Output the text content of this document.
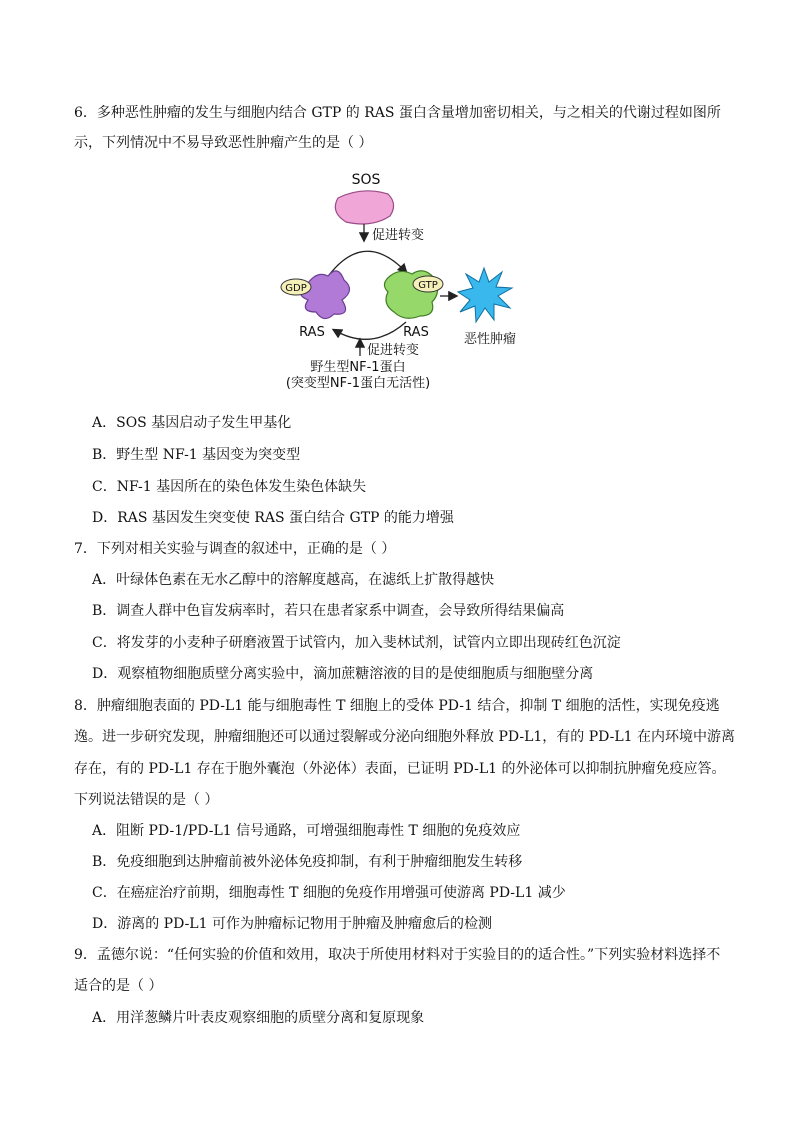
6．多种恶性肿瘤的发生与细胞内结合 GTP 的 RAS 蛋白含量增加密切相关，与之相关的代谢过程如图所
示，下列情况中不易导致恶性肿瘤产生的是（ ）
SOS
促进转变
GDP
RAS
GTP
RAS	恶性肿瘤
促进转变
野生型NF-1蛋白
(突变型NF-1蛋白无活性)
A．SOS 基因启动子发生甲基化
B．野生型 NF-1 基因变为突变型
C．NF-1 基因所在的染色体发生染色体缺失
D．RAS 基因发生突变使 RAS 蛋白结合 GTP 的能力增强
7．下列对相关实验与调查的叙述中，正确的是（ ）
A．叶绿体色素在无水乙醇中的溶解度越高，在滤纸上扩散得越快
B．调查人群中色盲发病率时，若只在患者家系中调查，会导致所得结果偏高
C．将发芽的小麦种子研磨液置于试管内，加入斐林试剂，试管内立即出现砖红色沉淀
D．观察植物细胞质壁分离实验中，滴加蔗糖溶液的目的是使细胞质与细胞壁分离
8．肿瘤细胞表面的 PD-L1 能与细胞毒性 T 细胞上的受体 PD-1 结合，抑制 T 细胞的活性，实现免疫逃
逸。进一步研究发现，肿瘤细胞还可以通过裂解或分泌向细胞外释放 PD-L1，有的 PD-L1 在内环境中游离
存在，有的 PD-L1 存在于胞外囊泡（外泌体）表面，已证明 PD-L1 的外泌体可以抑制抗肿瘤免疫应答。
下列说法错误的是（ ）
A．阻断 PD-1/PD-L1 信号通路，可增强细胞毒性 T 细胞的免疫效应
B．免疫细胞到达肿瘤前被外泌体免疫抑制，有利于肿瘤细胞发生转移
C．在癌症治疗前期，细胞毒性 T 细胞的免疫作用增强可使游离 PD-L1 减少
D．游离的 PD-L1 可作为肿瘤标记物用于肿瘤及肿瘤愈后的检测
9．孟德尔说：“任何实验的价值和效用，取决于所使用材料对于实验目的的适合性。”下列实验材料选择不
适合的是（ ）
A．用洋葱鳞片叶表皮观察细胞的质壁分离和复原现象
